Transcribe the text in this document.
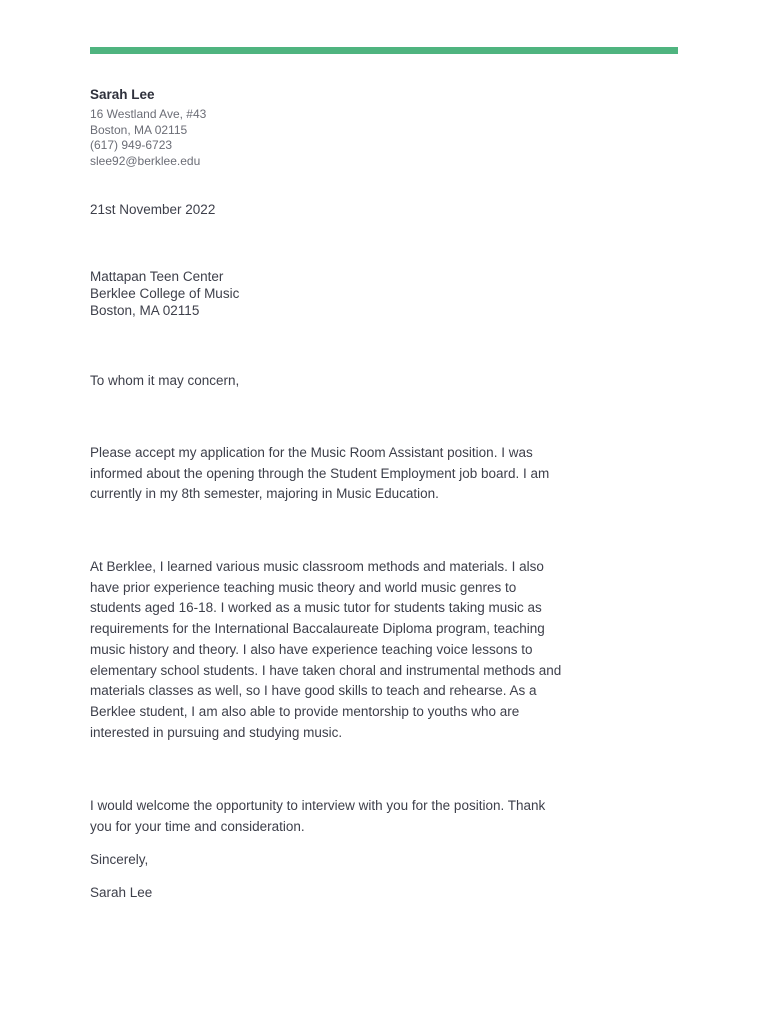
Sarah Lee
16 Westland Ave, #43
Boston, MA 02115
(617) 949-6723
slee92@berklee.edu
21st November 2022
Mattapan Teen Center
Berklee College of Music
Boston, MA 02115
To whom it may concern,

Please accept my application for the Music Room Assistant position. I was informed about the opening through the Student Employment job board. I am currently in my 8th semester, majoring in Music Education.

At Berklee, I learned various music classroom methods and materials. I also have prior experience teaching music theory and world music genres to students aged 16-18. I worked as a music tutor for students taking music as requirements for the International Baccalaureate Diploma program, teaching music history and theory. I also have experience teaching voice lessons to elementary school students. I have taken choral and instrumental methods and materials classes as well, so I have good skills to teach and rehearse. As a Berklee student, I am also able to provide mentorship to youths who are interested in pursuing and studying music.

I would welcome the opportunity to interview with you for the position. Thank you for your time and consideration.

Sincerely,
Sarah Lee
